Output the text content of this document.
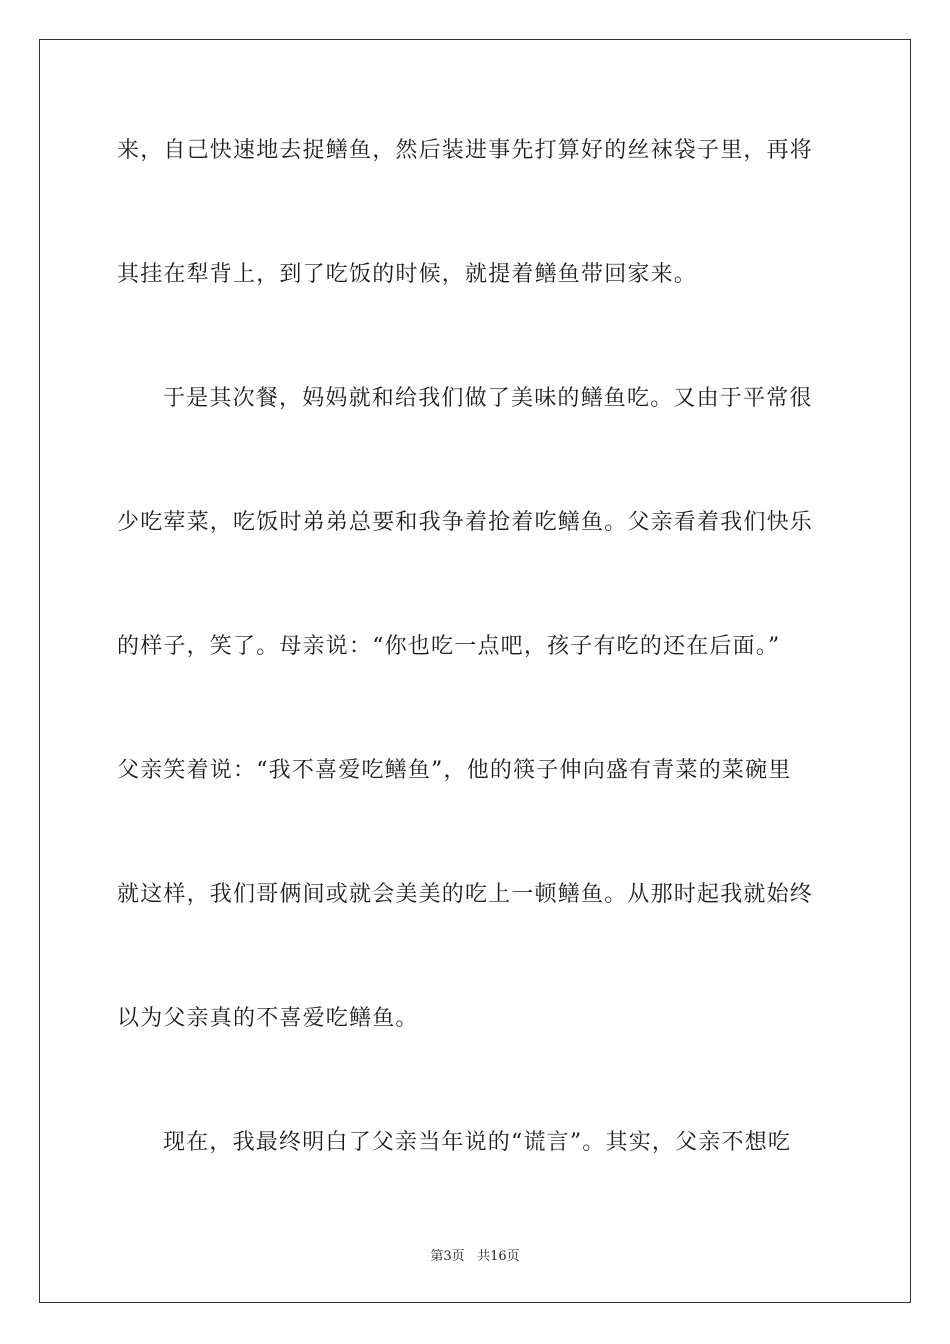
来，自己快速地去捉鳝鱼，然后装进事先打算好的丝袜袋子里，再将
其挂在犁背上，到了吃饭的时候，就提着鳝鱼带回家来。
于是其次餐，妈妈就和给我们做了美味的鳝鱼吃。又由于平常很
少吃荤菜，吃饭时弟弟总要和我争着抢着吃鳝鱼。父亲看着我们快乐
的样子，笑了。母亲说：“你也吃一点吧，孩子有吃的还在后面。”
父亲笑着说：“我不喜爱吃鳝鱼”，他的筷子伸向盛有青菜的菜碗里
就这样，我们哥俩间或就会美美的吃上一顿鳝鱼。从那时起我就始终
以为父亲真的不喜爱吃鳝鱼。
现在，我最终明白了父亲当年说的“谎言”。其实，父亲不想吃
第3页 共16页
